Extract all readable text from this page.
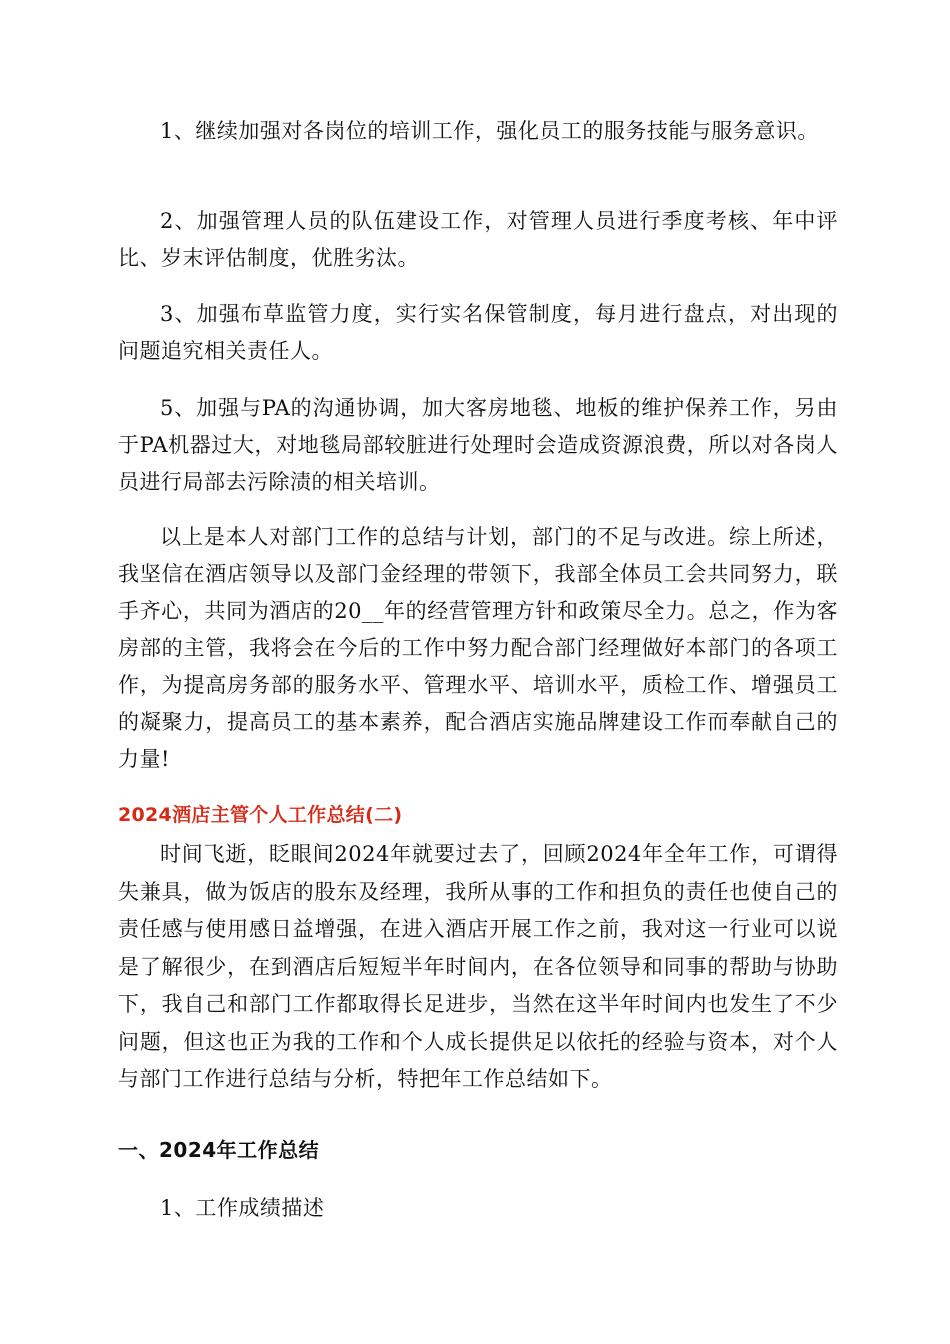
1、继续加强对各岗位的培训工作，强化员工的服务技能与服务意识。

2、加强管理人员的队伍建设工作，对管理人员进行季度考核、年中评比、岁末评估制度，优胜劣汰。

3、加强布草监管力度，实行实名保管制度，每月进行盘点，对出现的问题追究相关责任人。

5、加强与PA的沟通协调，加大客房地毯、地板的维护保养工作，另由于PA机器过大，对地毯局部较脏进行处理时会造成资源浪费，所以对各岗人员进行局部去污除渍的相关培训。

以上是本人对部门工作的总结与计划，部门的不足与改进。综上所述，我坚信在酒店领导以及部门金经理的带领下，我部全体员工会共同努力，联手齐心，共同为酒店的20__年的经营管理方针和政策尽全力。总之，作为客房部的主管，我将会在今后的工作中努力配合部门经理做好本部门的各项工作，为提高房务部的服务水平、管理水平、培训水平，质检工作、增强员工的凝聚力，提高员工的基本素养，配合酒店实施品牌建设工作而奉献自己的力量!

2024酒店主管个人工作总结(二)

时间飞逝，眨眼间2024年就要过去了，回顾2024年全年工作，可谓得失兼具，做为饭店的股东及经理，我所从事的工作和担负的责任也使自己的责任感与使用感日益增强，在进入酒店开展工作之前，我对这一行业可以说是了解很少，在到酒店后短短半年时间内，在各位领导和同事的帮助与协助下，我自己和部门工作都取得长足进步，当然在这半年时间内也发生了不少问题，但这也正为我的工作和个人成长提供足以依托的经验与资本，对个人与部门工作进行总结与分析，特把年工作总结如下。

一、2024年工作总结

1、工作成绩描述
